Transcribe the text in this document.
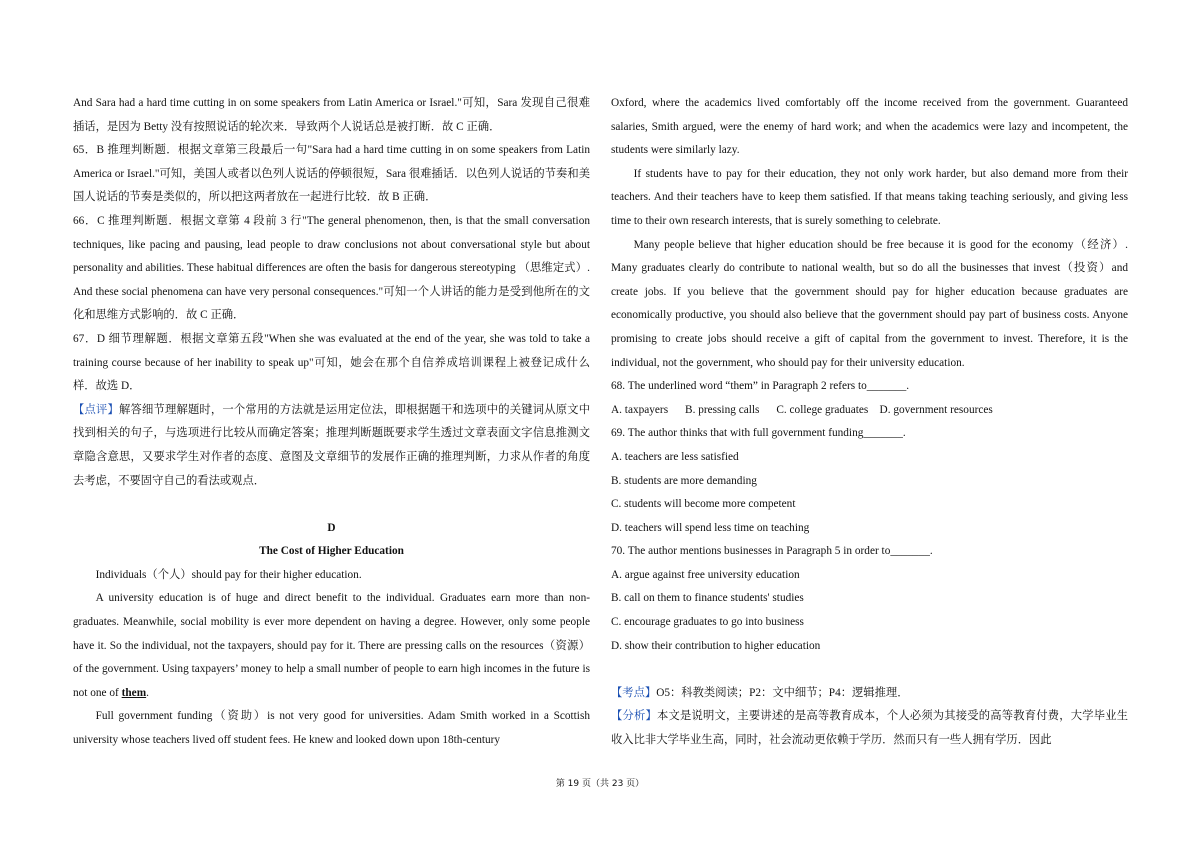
And Sara had a hard time cutting in on some speakers from Latin America or Israel."可知，Sara 发现自己很难插话，是因为 Betty 没有按照说话的轮次来．导致两个人说话总是被打断．故 C 正确．

65．B 推理判断题．根据文章第三段最后一句"Sara had a hard time cutting in on some speakers from Latin America or Israel."可知，美国人或者以色列人说话的停顿很短，Sara 很难插话．以色列人说话的节奏和美国人说话的节奏是类似的，所以把这两者放在一起进行比较．故 B 正确．

66．C 推理判断题．根据文章第 4 段前 3 行"The general phenomenon, then, is that the small conversation techniques, like pacing and pausing, lead people to draw conclusions not about conversational style but about personality and abilities. These habitual differences are often the basis for dangerous stereotyping （思维定式）. And these social phenomena can have very personal consequences."可知一个人讲话的能力是受到他所在的文化和思维方式影响的．故 C 正确．

67．D 细节理解题．根据文章第五段"When she was evaluated at the end of the year, she was told to take a training course because of her inability to speak up"可知，她会在那个自信养成培训课程上被登记成什么样．故选 D．

【点评】解答细节理解题时，一个常用的方法就是运用定位法，即根据题干和选项中的关键词从原文中找到相关的句子，与选项进行比较从而确定答案；推理判断题既要求学生透过文章表面文字信息推测文章隐含意思，又要求学生对作者的态度、意图及文章细节的发展作正确的推理判断，力求从作者的角度去考虑，不要固守自己的看法或观点．

D

The Cost of Higher Education

Individuals（个人）should pay for their higher education.

A university education is of huge and direct benefit to the individual. Graduates earn more than non-graduates. Meanwhile, social mobility is ever more dependent on having a degree. However, only some people have it. So the individual, not the taxpayers, should pay for it. There are pressing calls on the resources（资源）of the government. Using taxpayers’ money to help a small number of people to earn high incomes in the future is not one of them.

Full government funding（资助）is not very good for universities. Adam Smith worked in a Scottish university whose teachers lived off student fees. He knew and looked down upon 18th-century

Oxford, where the academics lived comfortably off the income received from the government. Guaranteed salaries, Smith argued, were the enemy of hard work; and when the academics were lazy and incompetent, the students were similarly lazy.

If students have to pay for their education, they not only work harder, but also demand more from their teachers. And their teachers have to keep them satisfied. If that means taking teaching seriously, and giving less time to their own research interests, that is surely something to celebrate.

Many people believe that higher education should be free because it is good for the economy（经济）. Many graduates clearly do contribute to national wealth, but so do all the businesses that invest（投资）and create jobs. If you believe that the government should pay for higher education because graduates are economically productive, you should also believe that the government should pay part of business costs. Anyone promising to create jobs should receive a gift of capital from the government to invest. Therefore, it is the individual, not the government, who should pay for their university education.

68. The underlined word “them” in Paragraph 2 refers to_______.

A. taxpayers      B. pressing calls      C. college graduates    D. government resources

69. The author thinks that with full government funding_______.

A. teachers are less satisfied

B. students are more demanding

C. students will become more competent

D. teachers will spend less time on teaching

70. The author mentions businesses in Paragraph 5 in order to_______.

A. argue against free university education

B. call on them to finance students' studies

C. encourage graduates to go into business

D. show their contribution to higher education

【考点】O5：科教类阅读；P2：文中细节；P4：逻辑推理．

【分析】本文是说明文，主要讲述的是高等教育成本，个人必须为其接受的高等教育付费，大学毕业生收入比非大学毕业生高，同时，社会流动更依赖于学历．然而只有一些人拥有学历．因此

第 19 页（共 23 页）
